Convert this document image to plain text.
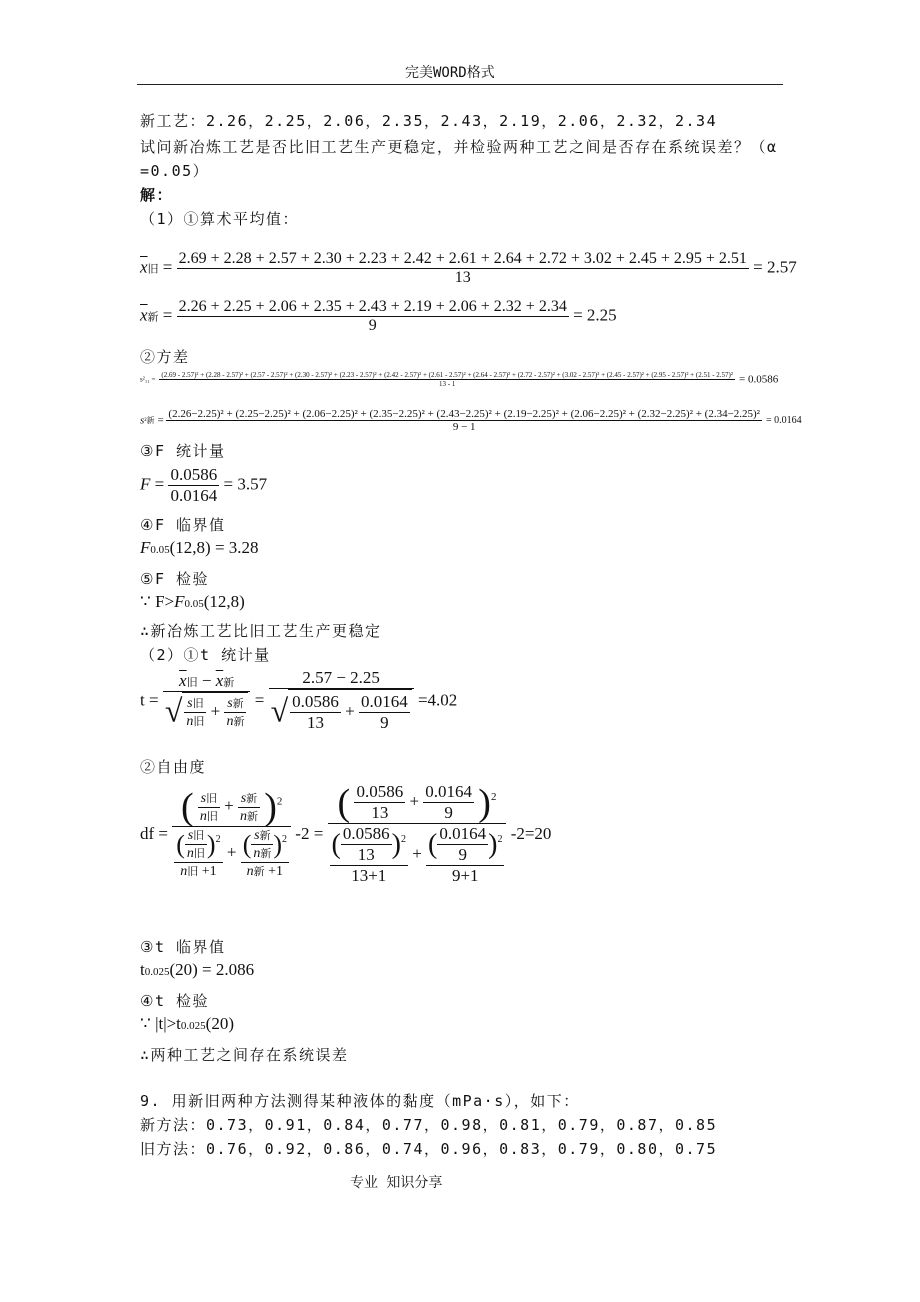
完美WORD格式
新工艺：2.26，2.25，2.06，2.35，2.43，2.19，2.06，2.32，2.34
试问新冶炼工艺是否比旧工艺生产更稳定，并检验两种工艺之间是否存在系统误差？（α
=0.05）
解：
（1）①算术平均值：
$\overline{x}$旧 = 2.69 + 2.28 + 2.57 + 2.30 + 2.23 + 2.42 + 2.61 + 2.64 + 2.72 + 3.02 + 2.45 + 2.95 + 2.51
13
= 2.57
$\overline{x}$新 = $\frac{2.26 + 2.25 + 2.06 + 2.35 + 2.43 + 2.19 + 2.06 + 2.32 + 2.34}{9} = 2.25$
②方差
s²₁₁ =
(2.69 - 2.57)² + (2.28 - 2.57)² + (2.57 - 2.57)² + (2.30 - 2.57)² + (2.23 - 2.57)² + (2.42 - 2.57)² + (2.61 - 2.57)² + (2.64 - 2.57)² + (2.72 - 2.57)² + (3.02 - 2.57)² + (2.45 - 2.57)² + (2.95 - 2.57)² + (2.51 - 2.57)²
13 - 1	= 0.0586
s²新 =
(2.26−2.25)² + (2.25−2.25)² + (2.06−2.25)² + (2.35−2.25)² + (2.43−2.25)² + (2.19−2.25)² + (2.06−2.25)² + (2.32−2.25)² + (2.34−2.25)²
9 − 1
= 0.0164
③F 统计量
$F = \frac{0.0586}{0.0164} = 3.57$
④F 临界值
F0.05(12,8) = 3.28
⑤F 检验
∵ F>F0.05(12,8)
∴新冶炼工艺比旧工艺生产更稳定
（2）①t 统计量
$t = \frac{\overline{x}旧 - \overline{x}新}{√ \frac{\text{s旧}}{\text{n旧}} + \frac{\text{s新}}{\text{n新}}} = \frac{2.57 - 2.25}{√ \frac{0.0586}{13} + \frac{0.0164}{9}} =4.02$
②自由度
df =
( $\frac{\text{s旧}}{\text{n旧}} + \frac{\text{s新}}{\text{n新}} )^2$
$\frac{( \frac{\text{s旧}}{\text{n旧}} )^2}{\text{n旧 +1}} + \frac{( \frac{\text{s新}}{\text{n新}} )^2}{\text{n新 +1}} -2$ =
( $\frac{0.0586}{13} + \frac{0.0164}{9} )^2$
$\frac{( \frac{0.0586}{13} )^2}{13+1} + \frac{( \frac{0.0164}{9} )^2}{9+1} -2=20$
③t 临界值
t0.025(20) = 2.086
④t 检验
∵ |t|>t0.025(20)
∴两种工艺之间存在系统误差
9. 用新旧两种方法测得某种液体的黏度（mPa·s），如下：
新方法：0.73，0.91，0.84，0.77，0.98，0.81，0.79，0.87，0.85
旧方法：0.76，0.92，0.86，0.74，0.96，0.83，0.79，0.80，0.75
专业 知识分享
